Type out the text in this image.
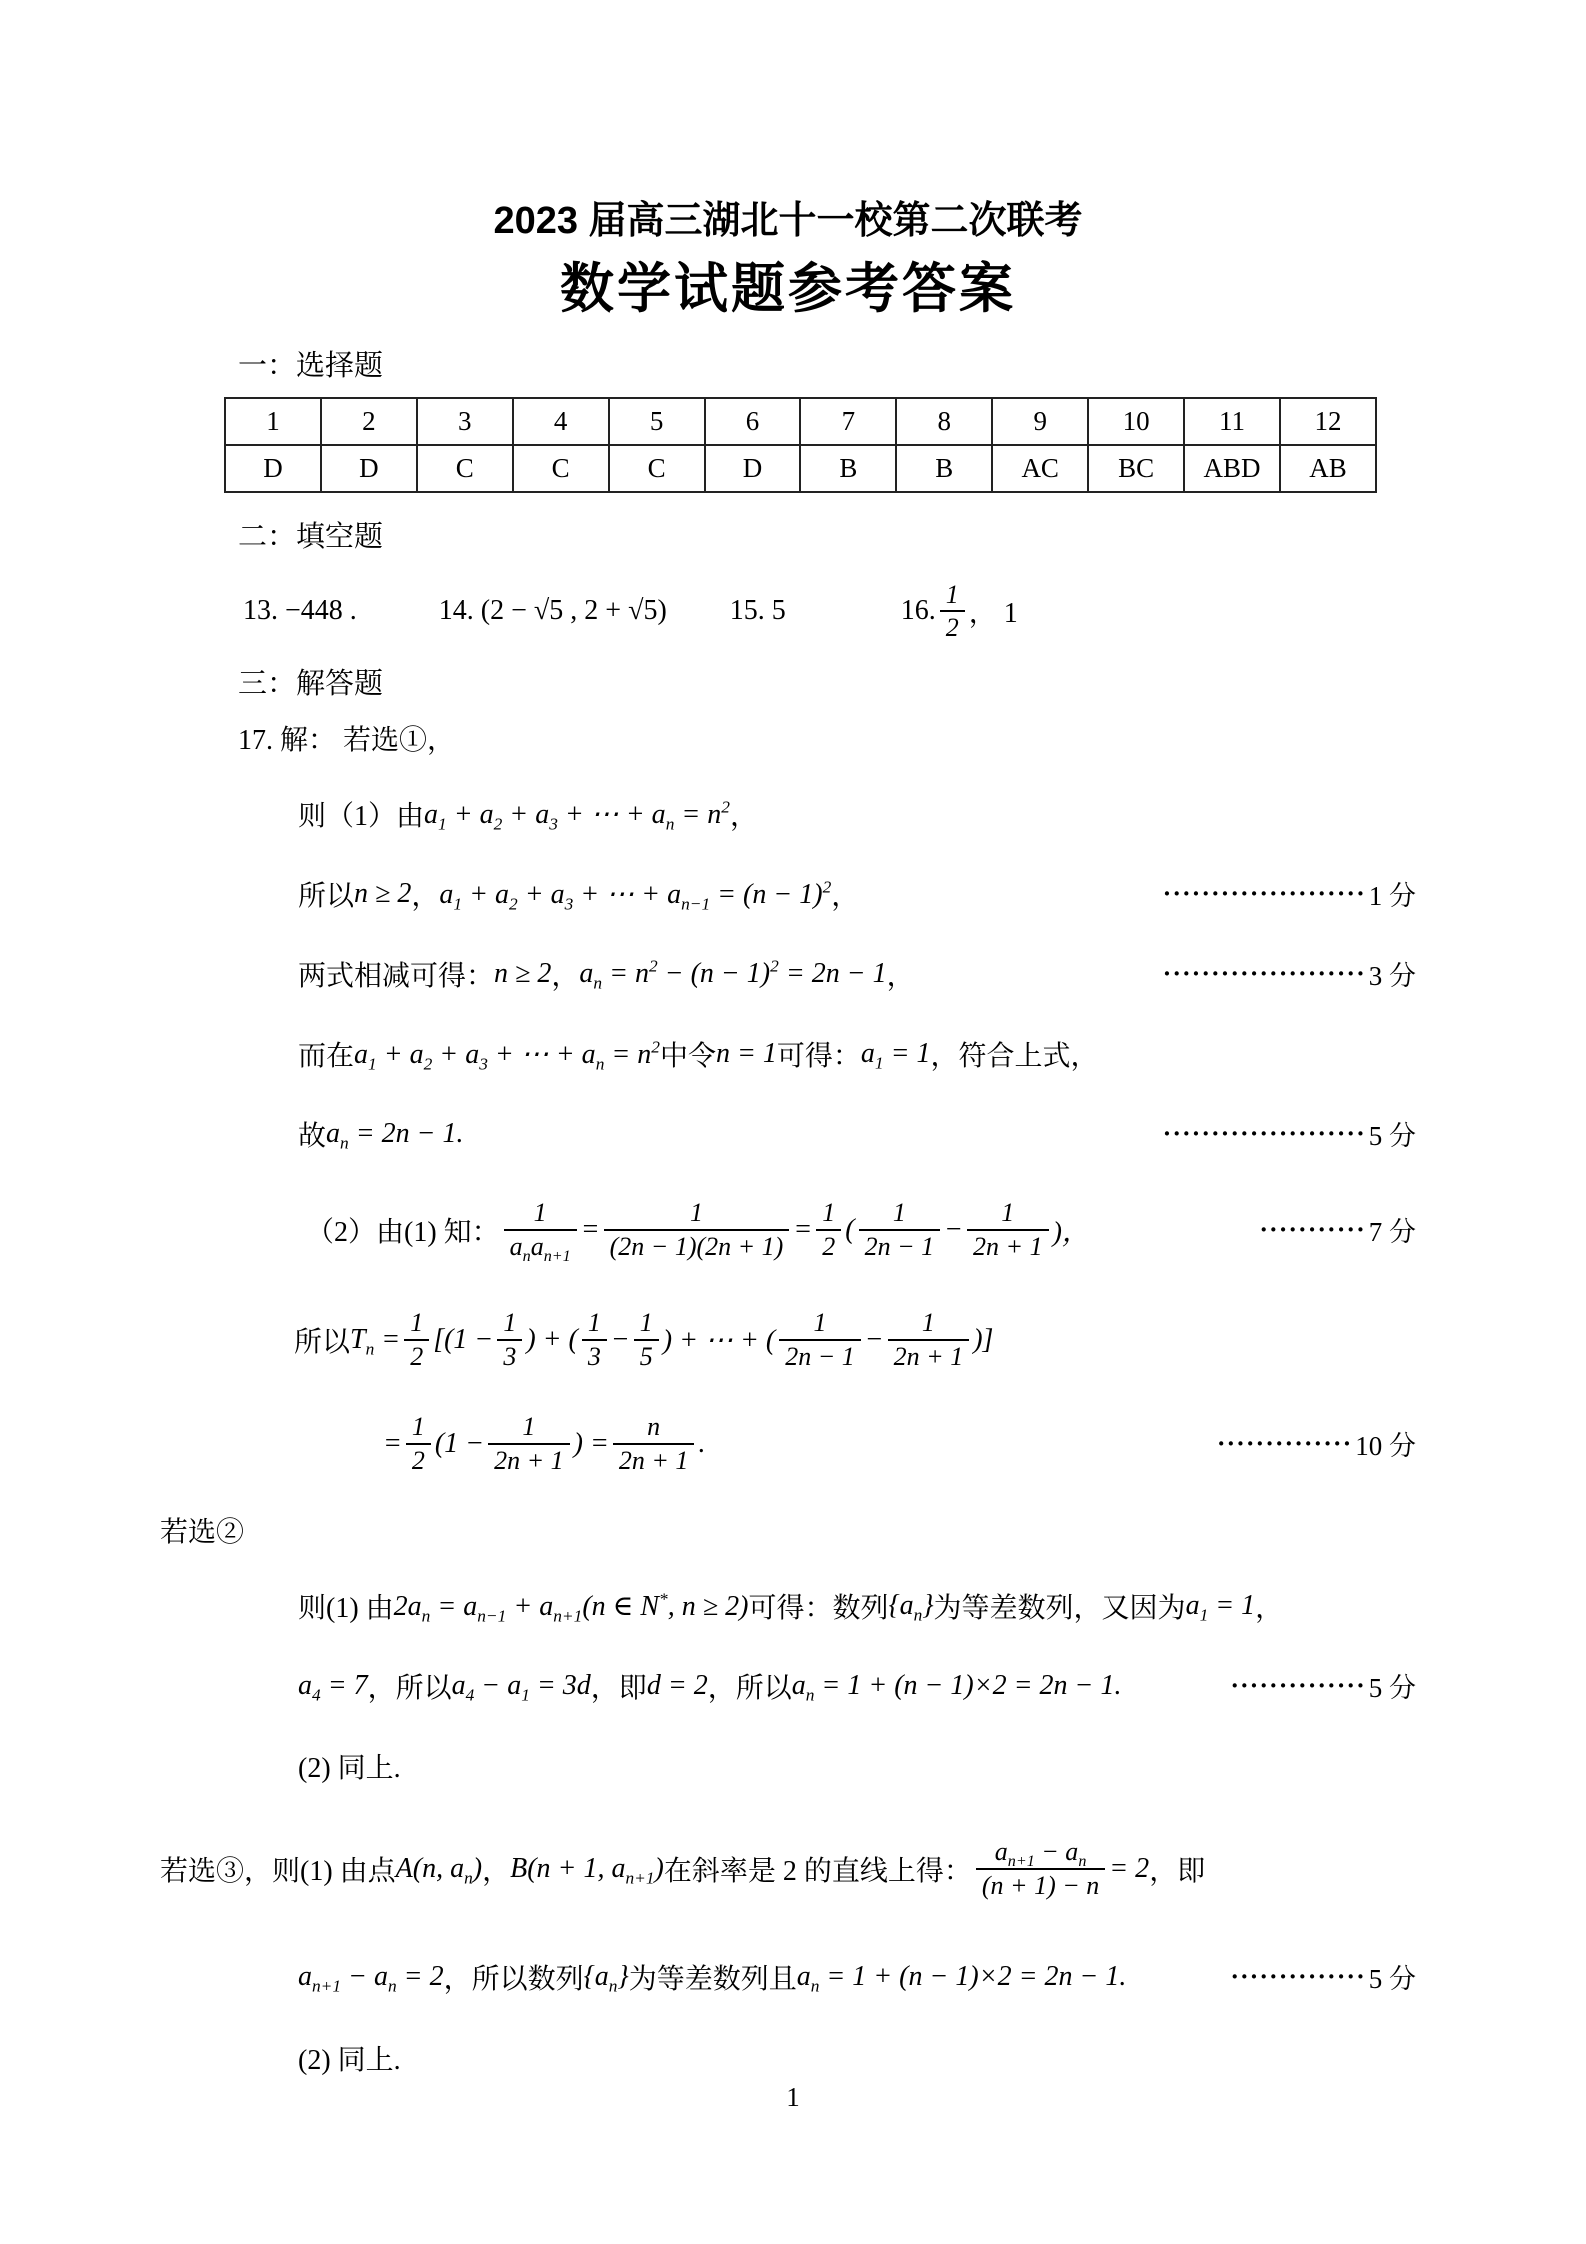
2023 届高三湖北十一校第二次联考
数学试题参考答案
一：选择题
1	2	3	4	5	6	7	8	9	10	11	12
D	D	C	C	C	D	B	B	AC	BC	ABD	AB
二：填空题
13. −448 .	14. (2 − √5 , 2 + √5) 15. 5	16. $\frac{1}{2}$ ， 1
三：解答题
17. 解： 若选①，
则（1）由 $a_1 + a_2 + a_3$ + ⋯ + $a_n = n^2$ ，
所以 n ≥ 2 ， $a_1 + a_2 + a_3$ + ⋯ + $a_{n-1} = (n - 1)^2$ ，	····················· 1 分
两式相减可得： n ≥ 2 ， $a_n = n^2 - (n - 1)^2 = 2n - 1$ ，	····················· 3 分
而在 $a_1 + a_2 + a_3$ + ⋯ + $a_n = n^2$ 中令 n = 1 可得： $a_1 = 1$ ，符合上式，
故 $a_n = 2n - 1$.	····················· 5 分
（2）由(1) 知： $\frac{1}{a_na_{n+1}} = \frac{1}{(2n - 1)(2n + 1)} = \frac{1}{2}$ ( $\frac{1}{2n - 1} - \frac{1}{2n + 1}$ )，	··········· 7 分
所以 $T_n = \frac{1}{2} [(1 - \frac{1}{3}$ ) + ( $\frac{1}{3} - \frac{1}{5}$ ) + ⋯ + ( $\frac{1}{2n - 1} - \frac{1}{2n + 1}$ )]
= $\frac{1}{2} (1 - \frac{1}{2n + 1}$ ) = $\frac{n}{2n + 1}$ .	·············· 10 分
若选②
则(1) 由 $2a_n = a_{n-1} + a_{n+1}(n$ ∈ N*, n ≥ 2) 可得：数列 $\{a_n\}$ 为等差数列，又因为 $a_1 = 1$ ，
$a_4 = 7$ ，所以 $a_4 - a_1 = 3d$ ，即 d = 2 ，所以 $a_n = 1 + (n - 1)\times 2 = 2n - 1$.	·············· 5 分
(2) 同上.
若选③，则(1) 由点 A(n, $a_n$) ， B(n + 1, $a_{n+1}$) 在斜率是 2 的直线上得： $\frac{a_{n+1} - a_n}{(n + 1) - n} = 2$ ，即
$a_{n+1} - a_n = 2$ ，所以数列 $\{a_n\}$ 为等差数列且 $a_n = 1 + (n - 1)\times 2 = 2n - 1$.	·············· 5 分
(2) 同上.
1
